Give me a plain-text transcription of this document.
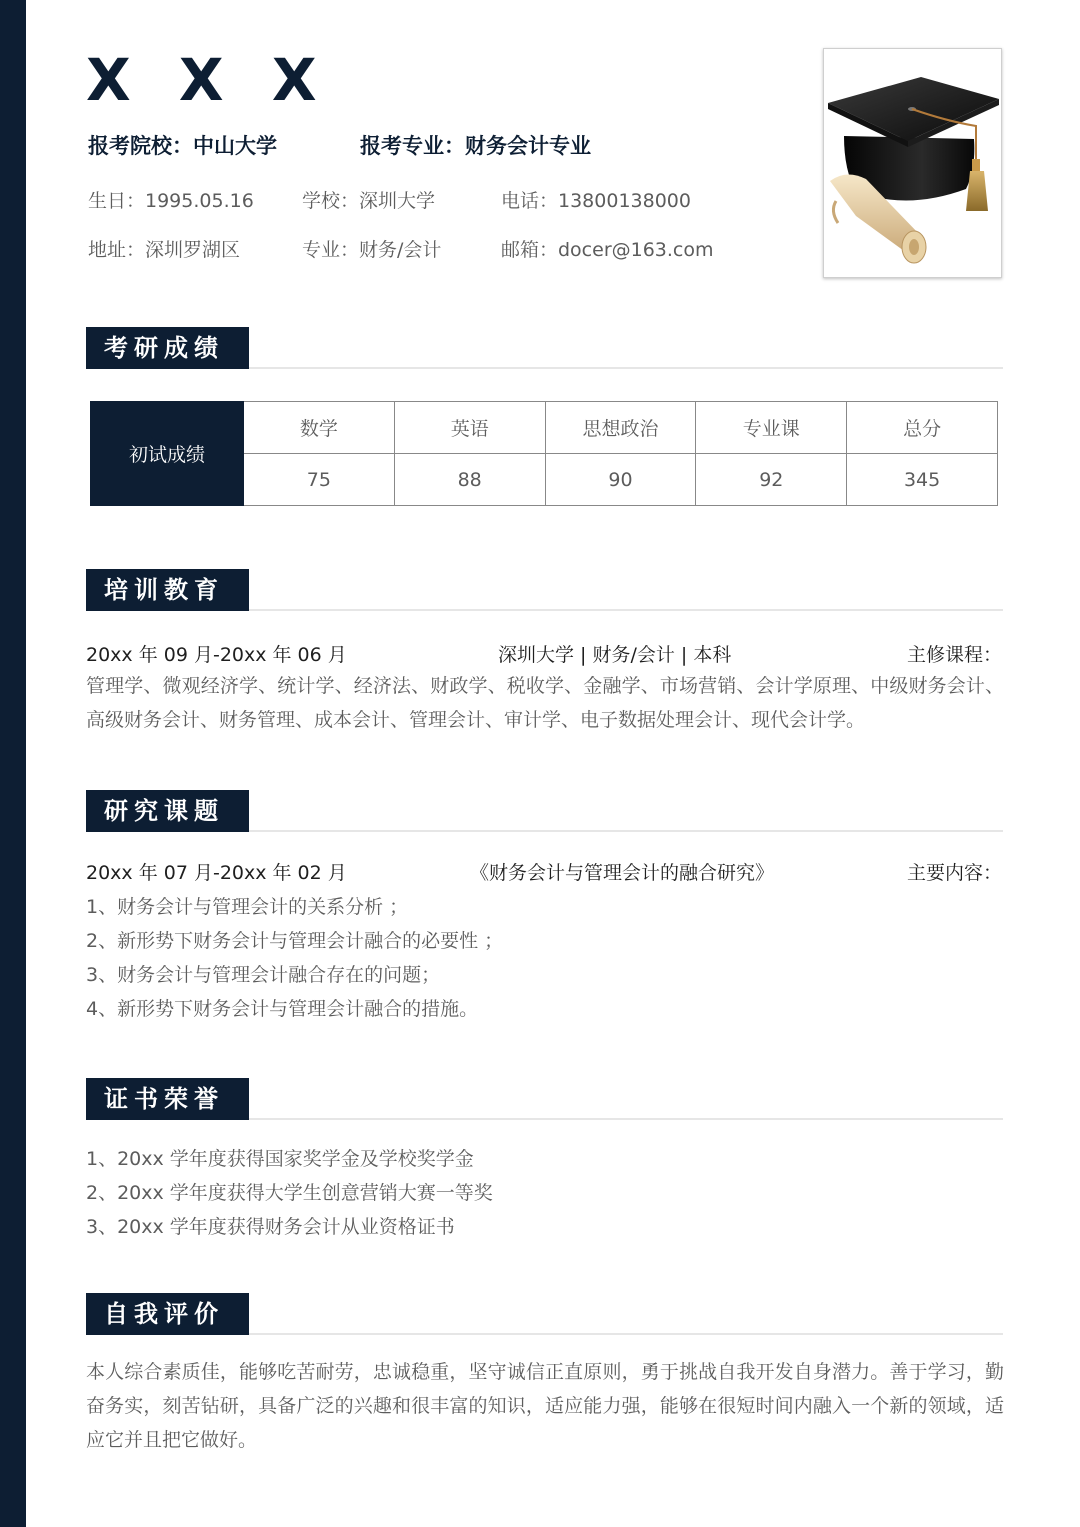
X X X
报考院校：中山大学	报考专业：财务会计专业
生日：1995.05.16	学校：深圳大学	电话：13800138000
地址：深圳罗湖区	专业：财务/会计	邮箱：docer@163.com
考研成绩
初试成绩	数学	英语	思想政治	专业课	总分
	75	88	90	92	345
培训教育
20xx 年 09 月-20xx 年 06 月	深圳大学 | 财务/会计 | 本科	主修课程：
管理学、微观经济学、统计学、经济法、财政学、税收学、金融学、市场营销、会计学原理、中级财务会计、高级财务会计、财务管理、成本会计、管理会计、审计学、电子数据处理会计、现代会计学。
研究课题
20xx 年 07 月-20xx 年 02 月	《财务会计与管理会计的融合研究》	主要内容：
1、财务会计与管理会计的关系分析 ；
2、新形势下财务会计与管理会计融合的必要性 ；
3、财务会计与管理会计融合存在的问题；
4、新形势下财务会计与管理会计融合的措施。
证书荣誉
1、20xx 学年度获得国家奖学金及学校奖学金
2、20xx 学年度获得大学生创意营销大赛一等奖
3、20xx 学年度获得财务会计从业资格证书
自我评价
本人综合素质佳，能够吃苦耐劳，忠诚稳重，坚守诚信正直原则，勇于挑战自我开发自身潜力。善于学习，勤奋务实，刻苦钻研，具备广泛的兴趣和很丰富的知识，适应能力强，能够在很短时间内融入一个新的领域，适应它并且把它做好。
